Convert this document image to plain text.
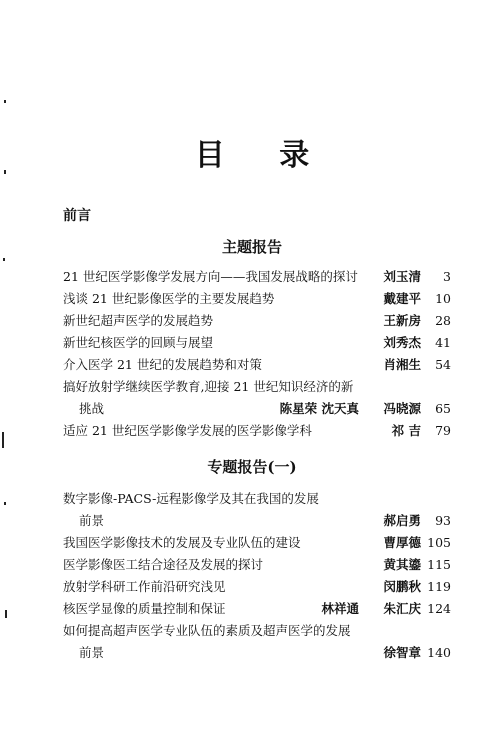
目 录
前言
主题报告
21 世纪医学影像学发展方向——我国发展战略的探讨 刘玉清 3
浅谈 21 世纪影像医学的主要发展趋势	戴建平 10
新世纪超声医学的发展趋势	王新房 28
新世纪核医学的回顾与展望	刘秀杰 41
介入医学 21 世纪的发展趋势和对策	肖湘生 54
搞好放射学继续医学教育,迎接 21 世纪知识经济的新
挑战	陈星荣 沈天真 冯晓源 65
适应 21 世纪医学影像学发展的医学影像学科	祁 吉 79
专题报告(一)
数字影像-PACS-远程影像学及其在我国的发展
前景	郝启勇 93
我国医学影像技术的发展及专业队伍的建设	曹厚德 105
医学影像医工结合途径及发展的探讨	黄其鎏 115
放射学科研工作前沿研究浅见	闵鹏秋 119
核医学显像的质量控制和保证	林祥通 朱汇庆 124
如何提高超声医学专业队伍的素质及超声医学的发展
前景	徐智章 140
